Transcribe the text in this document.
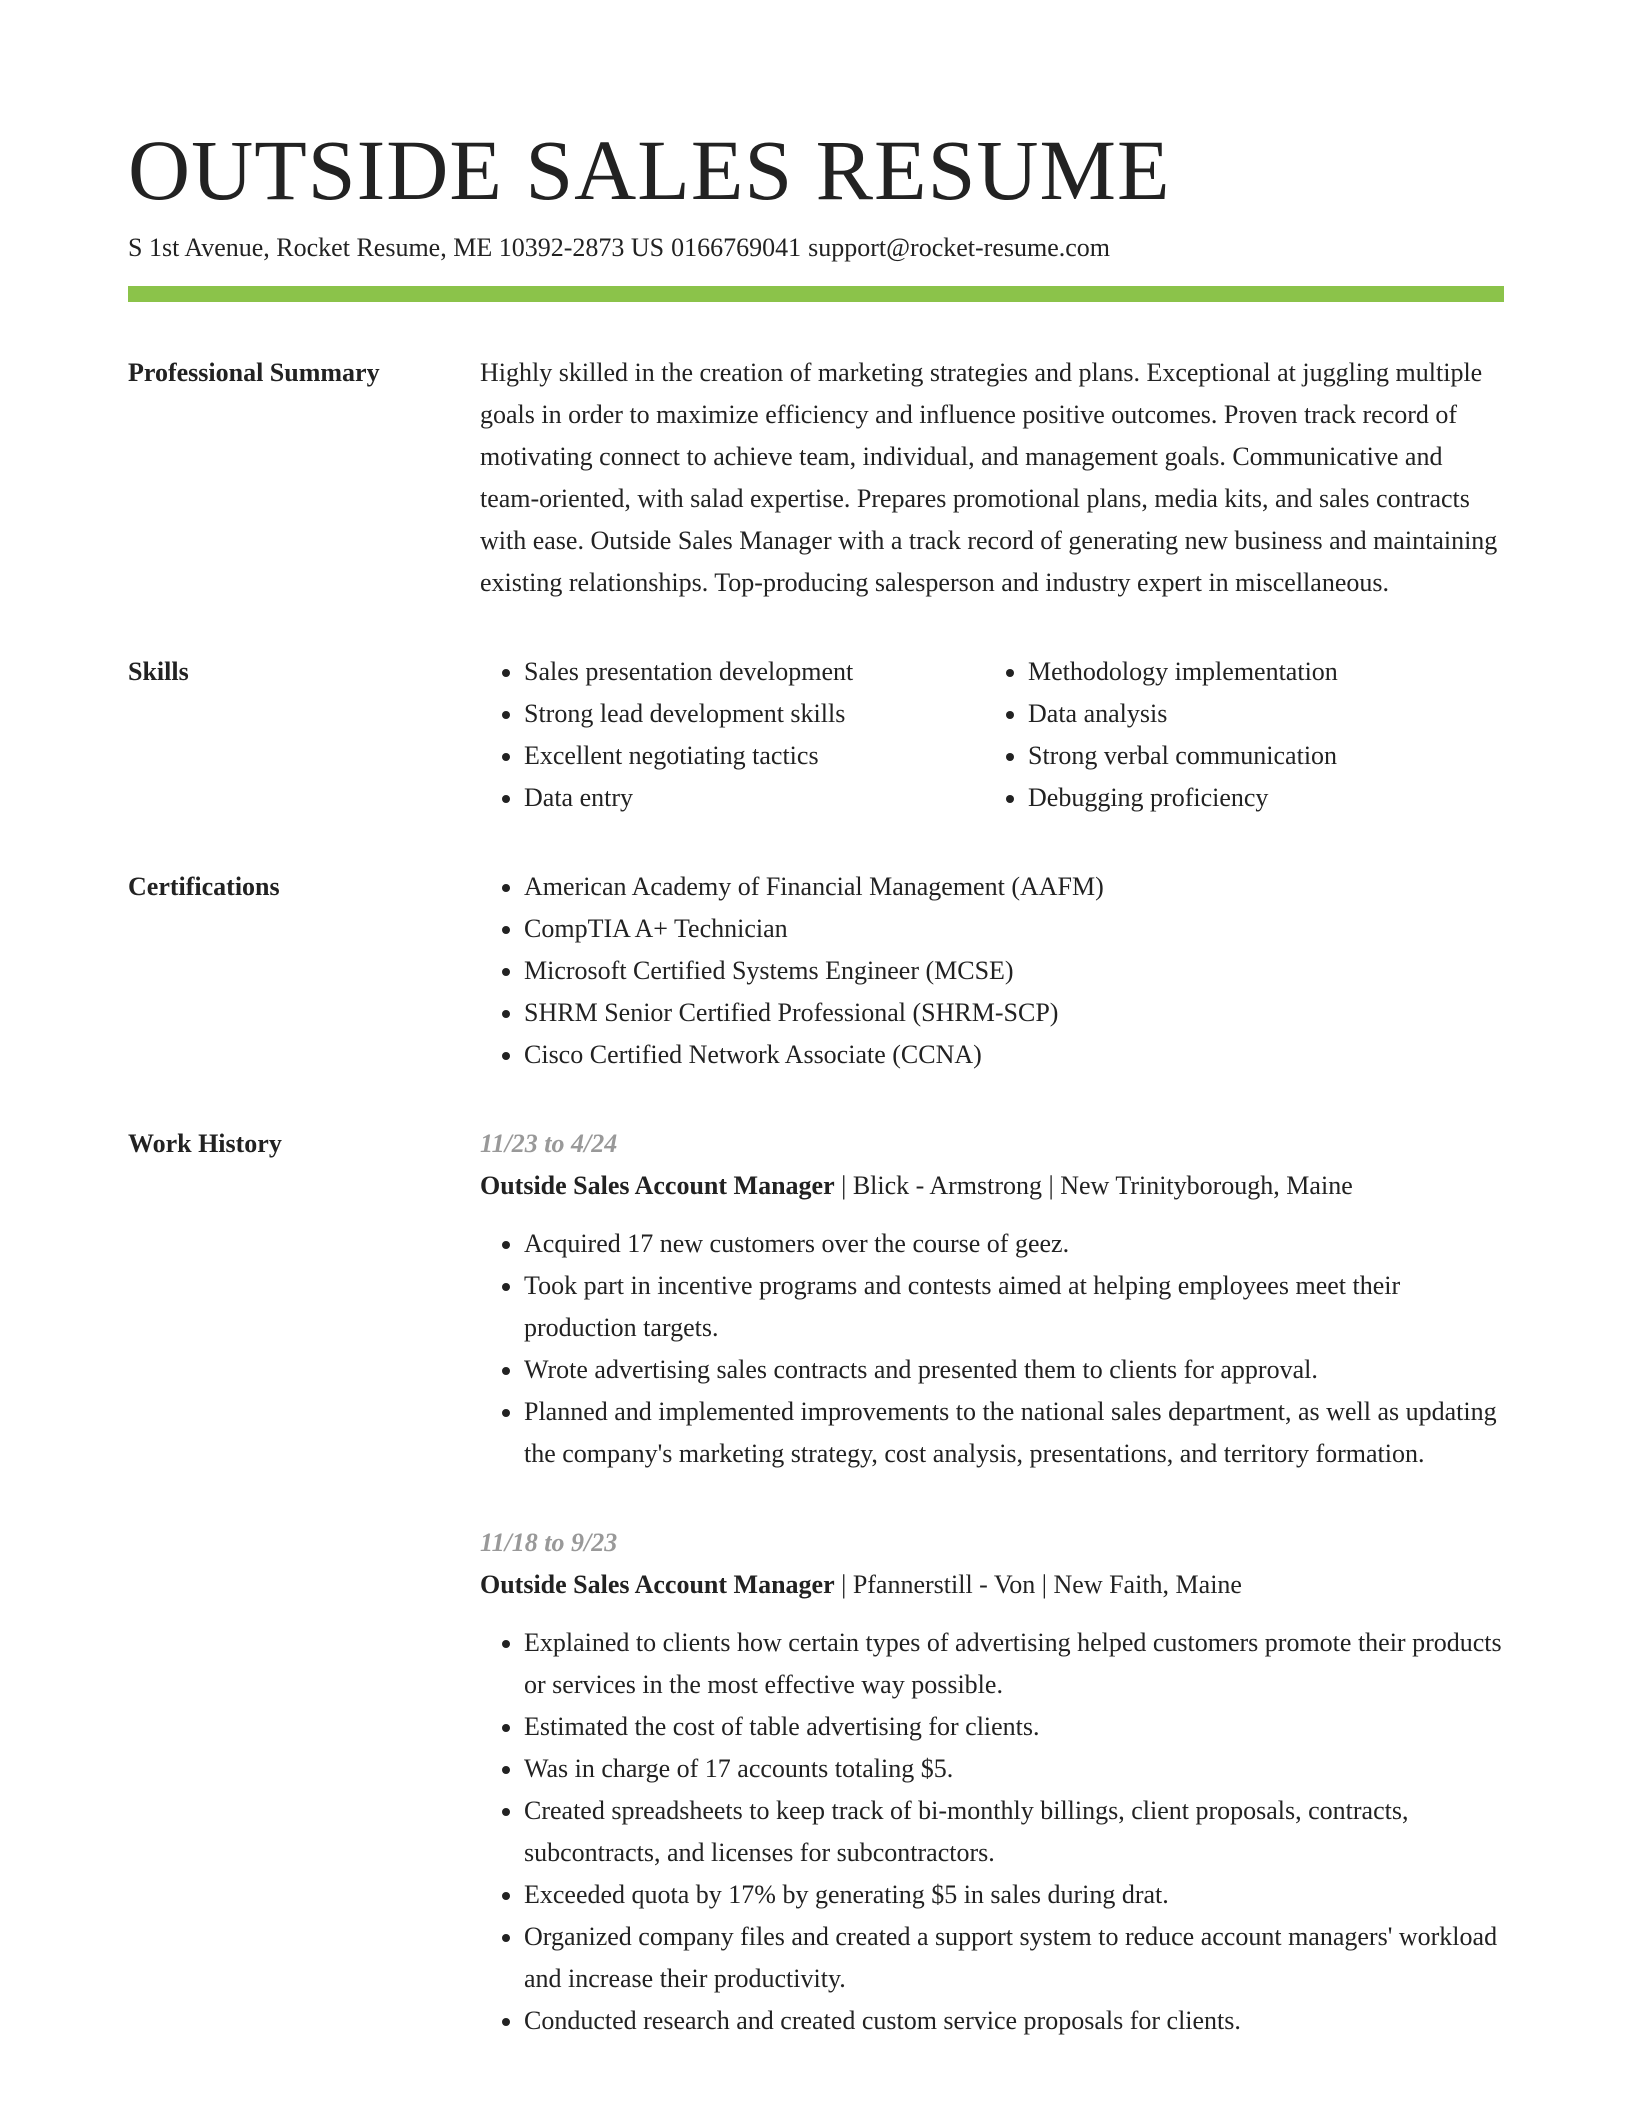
OUTSIDE SALES RESUME
S 1st Avenue, Rocket Resume, ME 10392-2873 US 0166769041 support@rocket-resume.com
Professional Summary	Highly skilled in the creation of marketing strategies and plans. Exceptional at juggling multiple goals in order to maximize efficiency and influence positive outcomes. Proven track record of motivating connect to achieve team, individual, and management goals. Communicative and team-oriented, with salad expertise. Prepares promotional plans, media kits, and sales contracts with ease. Outside Sales Manager with a track record of generating new business and maintaining existing relationships. Top-producing salesperson and industry expert in miscellaneous.

Skills	• Sales presentation development
• Strong lead development skills
• Excellent negotiating tactics
• Data entry
• Methodology implementation
• Data analysis
• Strong verbal communication
• Debugging proficiency
Certifications	• American Academy of Financial Management (AAFM)
• CompTIA A+ Technician
• Microsoft Certified Systems Engineer (MCSE)
• SHRM Senior Certified Professional (SHRM-SCP)
• Cisco Certified Network Associate (CCNA)
Work History	11/23 to 4/24
Outside Sales Account Manager | Blick - Armstrong | New Trinityborough, Maine
• Acquired 17 new customers over the course of geez.
• Took part in incentive programs and contests aimed at helping employees meet their production targets.
• Wrote advertising sales contracts and presented them to clients for approval.
• Planned and implemented improvements to the national sales department, as well as updating the company's marketing strategy, cost analysis, presentations, and territory formation.
11/18 to 9/23
Outside Sales Account Manager | Pfannerstill - Von | New Faith, Maine
• Explained to clients how certain types of advertising helped customers promote their products or services in the most effective way possible.
• Estimated the cost of table advertising for clients.
• Was in charge of 17 accounts totaling $5.
• Created spreadsheets to keep track of bi-monthly billings, client proposals, contracts, subcontracts, and licenses for subcontractors.
• Exceeded quota by 17% by generating $5 in sales during drat.
• Organized company files and created a support system to reduce account managers' workload and increase their productivity.
• Conducted research and created custom service proposals for clients.
